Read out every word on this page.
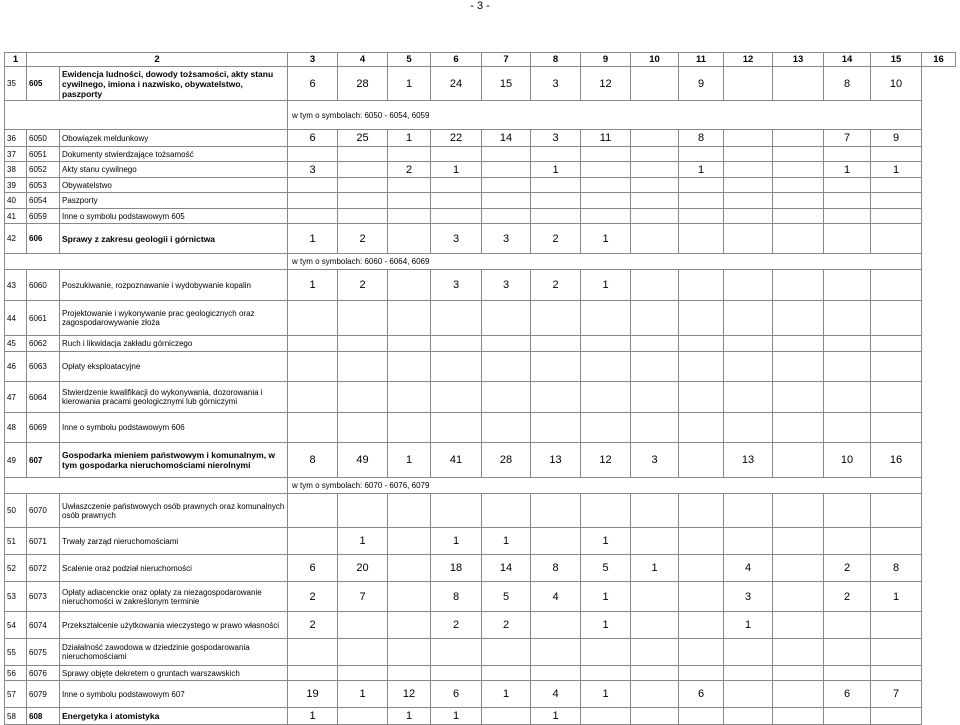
- 3 -
1	2		3	4	5	6	7	8	9	10	11	12	13	14	15	16
35	605	Ewidencja ludności, dowody tożsamości, akty stanu cywilnego, imiona i nazwisko, obywatelstwo, paszporty	6	28	1	24	15	3	12		9			8	10	
			w tym o symbolach: 6050 - 6054, 6059													
36	6050	Obowiązek meldunkowy	6	25	1	22	14	3	11		8			7	9	
37	6051	Dokumenty stwierdzające tożsamość														
38	6052	Akty stanu cywilnego	3		2	1		1			1			1	1	
39	6053	Obywatelstwo														
40	6054	Paszporty														
41	6059	Inne o symbolu podstawowym 605														
42	606	Sprawy z zakresu geologii i górnictwa	1	2		3	3	2	1							
			w tym o symbolach: 6060 - 6064, 6069													
43	6060	Poszukiwanie, rozpoznawanie i wydobywanie kopalin	1	2		3	3	2	1							
44	6061	Projektowanie i wykonywanie prac geologicznych oraz zagospodarowywanie złoża														
45	6062	Ruch i likwidacja zakładu górniczego														
46	6063	Opłaty eksploatacyjne														
47	6064	Stwierdzenie kwalifikacji do wykonywania, dozorowania i kierowania pracami geologicznymi lub górniczymi														
48	6069	Inne o symbolu podstawowym 606														
49	607	Gospodarka mieniem państwowym i komunalnym, w tym gospodarka nieruchomościami nierolnymi	8	49	1	41	28	13	12	3		13		10	16	
			w tym o symbolach: 6070 - 6076, 6079													
50	6070	Uwłaszczenie państwowych osób prawnych oraz komunalnych osób prawnych														
51	6071	Trwały zarząd nieruchomościami		1		1	1		1							
52	6072	Scalenie oraz podział nieruchomości	6	20		18	14	8	5	1		4		2	8	
53	6073	Opłaty adiacenckie oraz opłaty za niezagospodarowanie nieruchomości w zakreślonym terminie	2	7		8	5	4	1			3		2	1	
54	6074	Przekształcenie użytkowania wieczystego w prawo własności	2			2	2		1			1				
55	6075	Działalność zawodowa w dziedzinie gospodarowania nieruchomościami														
56	6076	Sprawy objęte dekretem o gruntach warszawskich														
57	6079	Inne o symbolu podstawowym 607	19	1	12	6	1	4	1		6			6	7	
58	608	Energetyka i atomistyka	1		1	1		1								
